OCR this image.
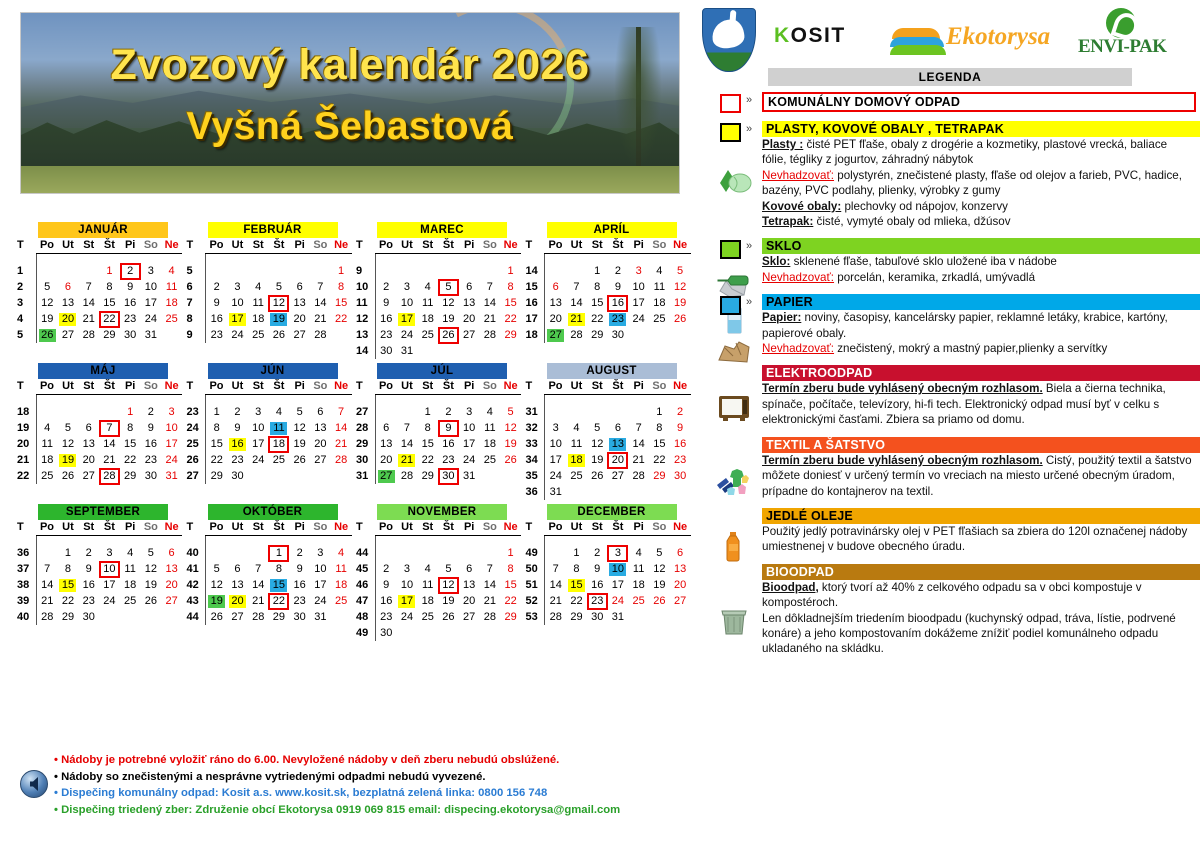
Zvozový kalendár 2026
Vyšná Šebastová
JANUÁR
T	Po	Ut	St	Št	Pi	So	Ne

1				1	2	3	4
2	5	6	7	8	9	10	11
3	12	13	14	15	16	17	18
4	19	20	21	22	23	24	25
5	26	27	28	29	30	31	
FEBRUÁR
T	Po	Ut	St	Št	Pi	So	Ne

5							1
6	2	3	4	5	6	7	8
7	9	10	11	12	13	14	15
8	16	17	18	19	20	21	22
9	23	24	25	26	27	28	
MAREC
T	Po	Ut	St	Št	Pi	So	Ne

9							1
10	2	3	4	5	6	7	8
11	9	10	11	12	13	14	15
12	16	17	18	19	20	21	22
13	23	24	25	26	27	28	29
14	30	31					
APRÍL
T	Po	Ut	St	Št	Pi	So	Ne

14			1	2	3	4	5
15	6	7	8	9	10	11	12
16	13	14	15	16	17	18	19
17	20	21	22	23	24	25	26
18	27	28	29	30			
MÁJ
T	Po	Ut	St	Št	Pi	So	Ne

18					1	2	3
19	4	5	6	7	8	9	10
20	11	12	13	14	15	16	17
21	18	19	20	21	22	23	24
22	25	26	27	28	29	30	31
JÚN
T	Po	Ut	St	Št	Pi	So	Ne

23	1	2	3	4	5	6	7
24	8	9	10	11	12	13	14
25	15	16	17	18	19	20	21
26	22	23	24	25	26	27	28
27	29	30					
JÚL
T	Po	Ut	St	Št	Pi	So	Ne

27			1	2	3	4	5
28	6	7	8	9	10	11	12
29	13	14	15	16	17	18	19
30	20	21	22	23	24	25	26
31	27	28	29	30	31		
AUGUST
T	Po	Ut	St	Št	Pi	So	Ne

31						1	2
32	3	4	5	6	7	8	9
33	10	11	12	13	14	15	16
34	17	18	19	20	21	22	23
35	24	25	26	27	28	29	30
36	31						
SEPTEMBER
T	Po	Ut	St	Št	Pi	So	Ne

36		1	2	3	4	5	6
37	7	8	9	10	11	12	13
38	14	15	16	17	18	19	20
39	21	22	23	24	25	26	27
40	28	29	30				
OKTÓBER
T	Po	Ut	St	Št	Pi	So	Ne

40				1	2	3	4
41	5	6	7	8	9	10	11
42	12	13	14	15	16	17	18
43	19	20	21	22	23	24	25
44	26	27	28	29	30	31	
NOVEMBER
T	Po	Ut	St	Št	Pi	So	Ne

44							1
45	2	3	4	5	6	7	8
46	9	10	11	12	13	14	15
47	16	17	18	19	20	21	22
48	23	24	25	26	27	28	29
49	30						
DECEMBER
T	Po	Ut	St	Št	Pi	So	Ne

49		1	2	3	4	5	6
50	7	8	9	10	11	12	13
51	14	15	16	17	18	19	20
52	21	22	23	24	25	26	27
53	28	29	30	31			
• Nádoby je potrebné vyložiť ráno do 6.00. Nevyložené nádoby v deň zberu nebudú obslúžené.
• Nádoby so znečistenými a nesprávne vytriedenými odpadmi nebudú vyvezené.
• Dispečing komunálny odpad: Kosit a.s. www.kosit.sk, bezplatná zelená linka: 0800 156 748
• Dispečing triedený zber: Združenie obcí Ekotorysa 0919 069 815 email: dispecing.ekotorysa@gmail.com
KOSIT	Ekotorysa ENVI-PAK
LEGENDA
»	KOMUNÁLNY DOMOVÝ ODPAD
»	PLASTY, KOVOVÉ OBALY , TETRAPAK
Plasty : čisté PET fľaše, obaly z drogérie a kozmetiky, plastové vrecká, baliace fólie, tégliky z jogurtov, záhradný nábytok
Nevhadzovať: polystyrén, znečistené plasty, fľaše od olejov a farieb, PVC, hadice, bazény, PVC podlahy, plienky, výrobky z gumy
Kovové obaly: plechovky od nápojov, konzervy
Tetrapak: čisté, vymyté obaly od mlieka, džúsov
»	SKLO
Sklo: sklenené fľaše, tabuľové sklo uložené iba v nádobe
Nevhadzovať: porcelán, keramika, zrkadlá, umývadlá
»	PAPIER
Papier: noviny, časopisy, kancelársky papier, reklamné letáky, krabice, kartóny, papierové obaly.
Nevhadzovať: znečistený, mokrý a mastný papier,plienky a servítky
ELEKTROODPAD
Termín zberu bude vyhlásený obecným rozhlasom. Biela a čierna technika, spínače, počítače, televízory, hi-fi tech. Elektronický odpad musí byť v celku s elektronickými časťami. Zbiera sa priamo od domu.
TEXTIL A ŠATSTVO
Termín zberu bude vyhlásený obecným rozhlasom. Cistý, použitý textil a šatstvo môžete doniesť v určený termín vo vreciach na miesto určené obecným úradom, prípadne do kontajnerov na textil.
JEDLÉ OLEJE
Použitý jedlý potravinársky olej v PET fľašiach sa zbiera do 120l označenej nádoby umiestnenej v budove obecného úradu.
BIOODPAD
Bioodpad, ktorý tvorí až 40% z celkového odpadu sa v obci kompostuje v kompostéroch.
Len dôkladnejším triedením bioodpadu (kuchynský odpad, tráva, lístie, podrvené konáre) a jeho kompostovaním dokážeme znížiť podiel komunálneho odpadu ukladaného na skládku.
